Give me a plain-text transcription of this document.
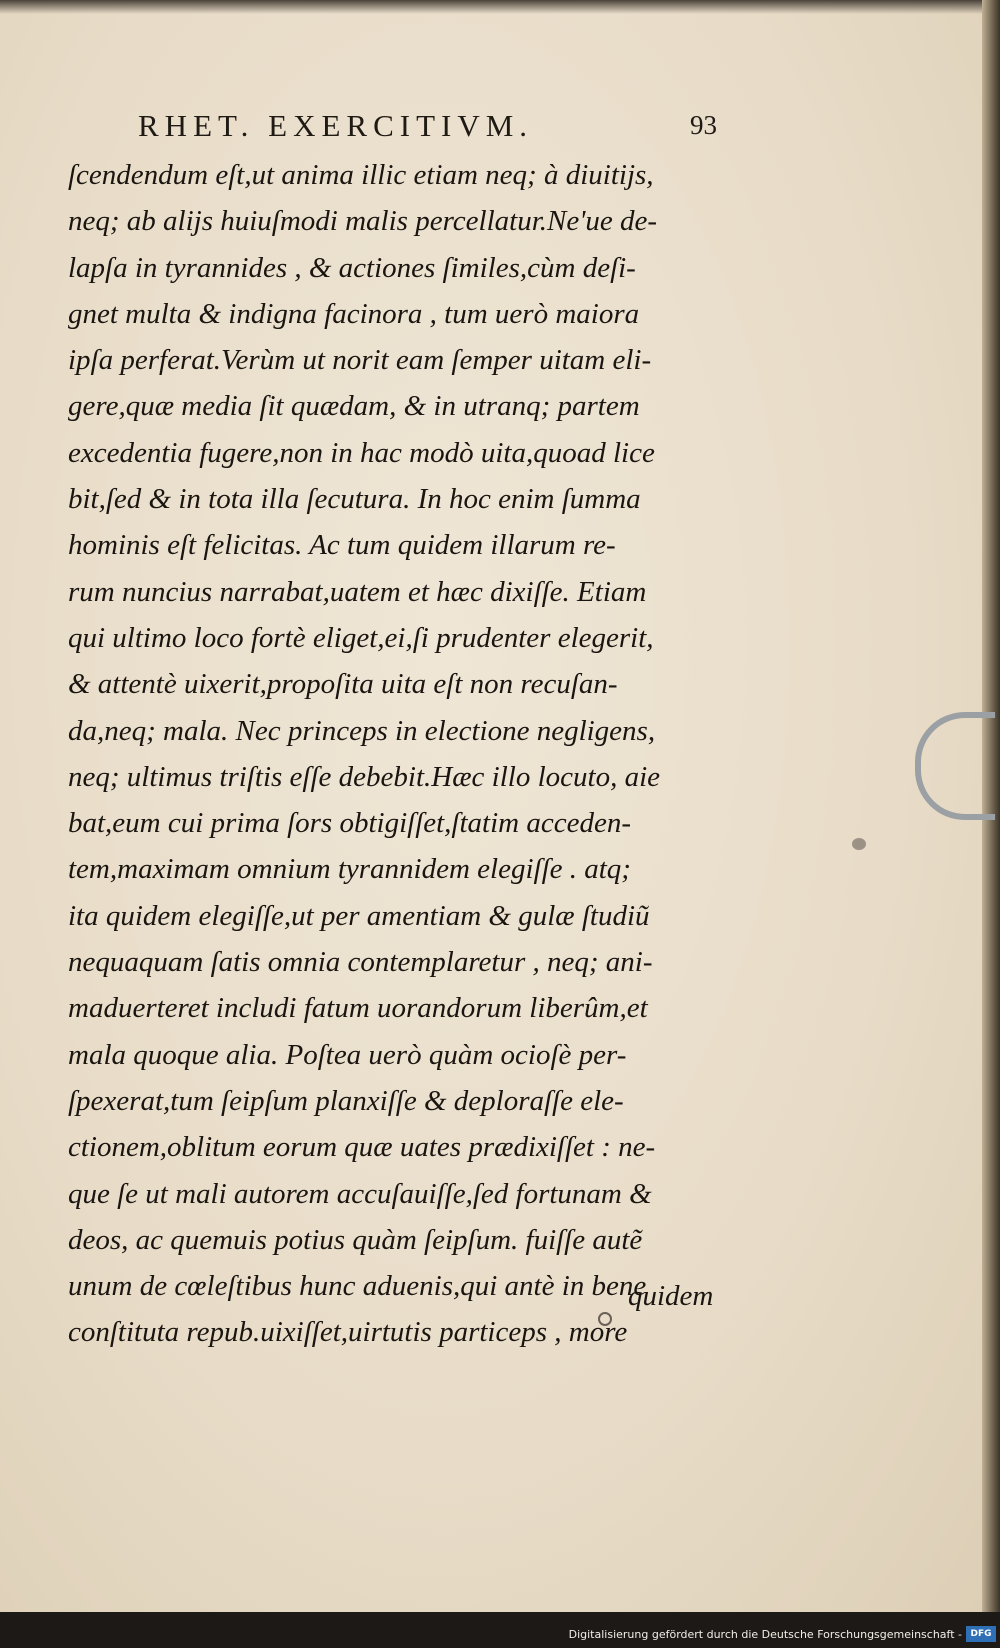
RHET. EXERCITIVM.	93
ſcendendum eſt,ut anima illic etiam neq; à diuitijs,
neq; ab alijs huiuſmodi malis percellatur.Ne'ue de-
lapſa in tyrannides , & actiones ſimiles,cùm deſi-
gnet multa & indigna facinora , tum uerò maiora
ipſa perferat.Verùm ut norit eam ſemper uitam eli-
gere,quæ media ſit quædam, & in utranq; partem
excedentia fugere,non in hac modò uita,quoad lice
bit,ſed & in tota illa ſecutura. In hoc enim ſumma
hominis eſt felicitas. Ac tum quidem illarum re-
rum nuncius narrabat,uatem et hæc dixiſſe. Etiam
qui ultimo loco fortè eliget,ei,ſi prudenter elegerit,
& attentè uixerit,propoſita uita eſt non recuſan-
da,neq; mala. Nec princeps in electione negligens,
neq; ultimus triſtis eſſe debebit.Hæc illo locuto, aie
bat,eum cui prima ſors obtigiſſet,ſtatim acceden-
tem,maximam omnium tyrannidem elegiſſe . atq;
ita quidem elegiſſe,ut per amentiam & gulæ ſtudiũ
nequaquam ſatis omnia contemplaretur , neq; ani-
maduerteret includi fatum uorandorum liberûm,et
mala quoque alia. Poſtea uerò quàm ocioſè per-
ſpexerat,tum ſeipſum planxiſſe & deploraſſe ele-
ctionem,oblitum eorum quæ uates prædixiſſet : ne-
que ſe ut mali autorem accuſauiſſe,ſed fortunam &
deos, ac quemuis potius quàm ſeipſum. fuiſſe autẽ
unum de cœleſtibus hunc aduenis,qui antè in bene
conſtituta repub.uixiſſet,uirtutis particeps , more
quidem
Digitalisierung gefördert durch die Deutsche Forschungsgemeinschaft - DFG
